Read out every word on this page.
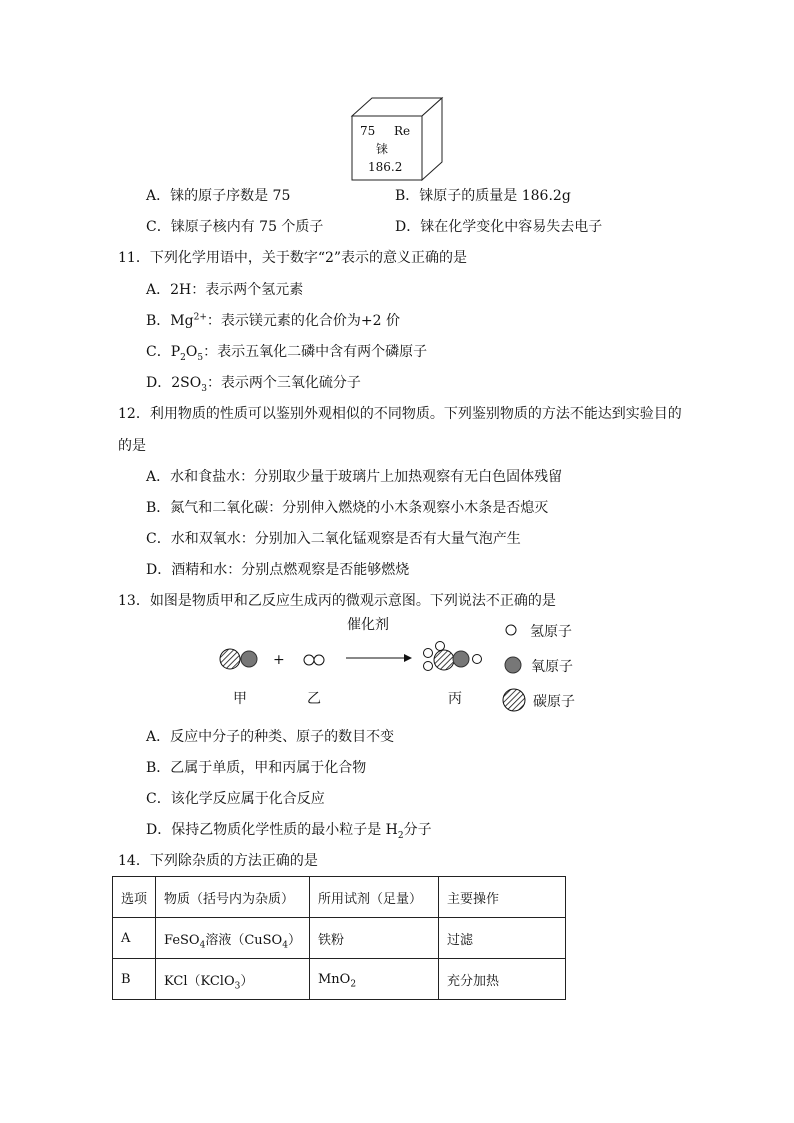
75 Re
铼
186.2
A．铼的原子序数是 75	B．铼原子的质量是 186.2g
C．铼原子核内有 75 个质子	D．铼在化学变化中容易失去电子
11．下列化学用语中，关于数字“2”表示的意义正确的是
A．2H：表示两个氢元素
B．$Mg^{2+}$：表示镁元素的化合价为+2 价
C．$P_2O_5$：表示五氧化二磷中含有两个磷原子
D．$2SO_3$：表示两个三氧化硫分子
12．利用物质的性质可以鉴别外观相似的不同物质。下列鉴别物质的方法不能达到实验目的
的是
A．水和食盐水：分别取少量于玻璃片上加热观察有无白色固体残留
B．氮气和二氧化碳：分别伸入燃烧的小木条观察小木条是否熄灭
C．水和双氧水：分别加入二氧化锰观察是否有大量气泡产生
D．酒精和水：分别点燃观察是否能够燃烧
13．如图是物质甲和乙反应生成丙的微观示意图。下列说法不正确的是
+
催化剂
甲	乙	丙
氢原子
氧原子
碳原子
A．反应中分子的种类、原子的数目不变
B．乙属于单质，甲和丙属于化合物
C．该化学反应属于化合反应
D．保持乙物质化学性质的最小粒子是 $H_2$分子
14．下列除杂质的方法正确的是
选项	物质（括号内为杂质）	所用试剂（足量）	主要操作
A	FeSO$_4$溶液（CuSO$_4$）	铁粉	过滤
B	KCl（KClO$_3$）	MnO$_2$	充分加热
